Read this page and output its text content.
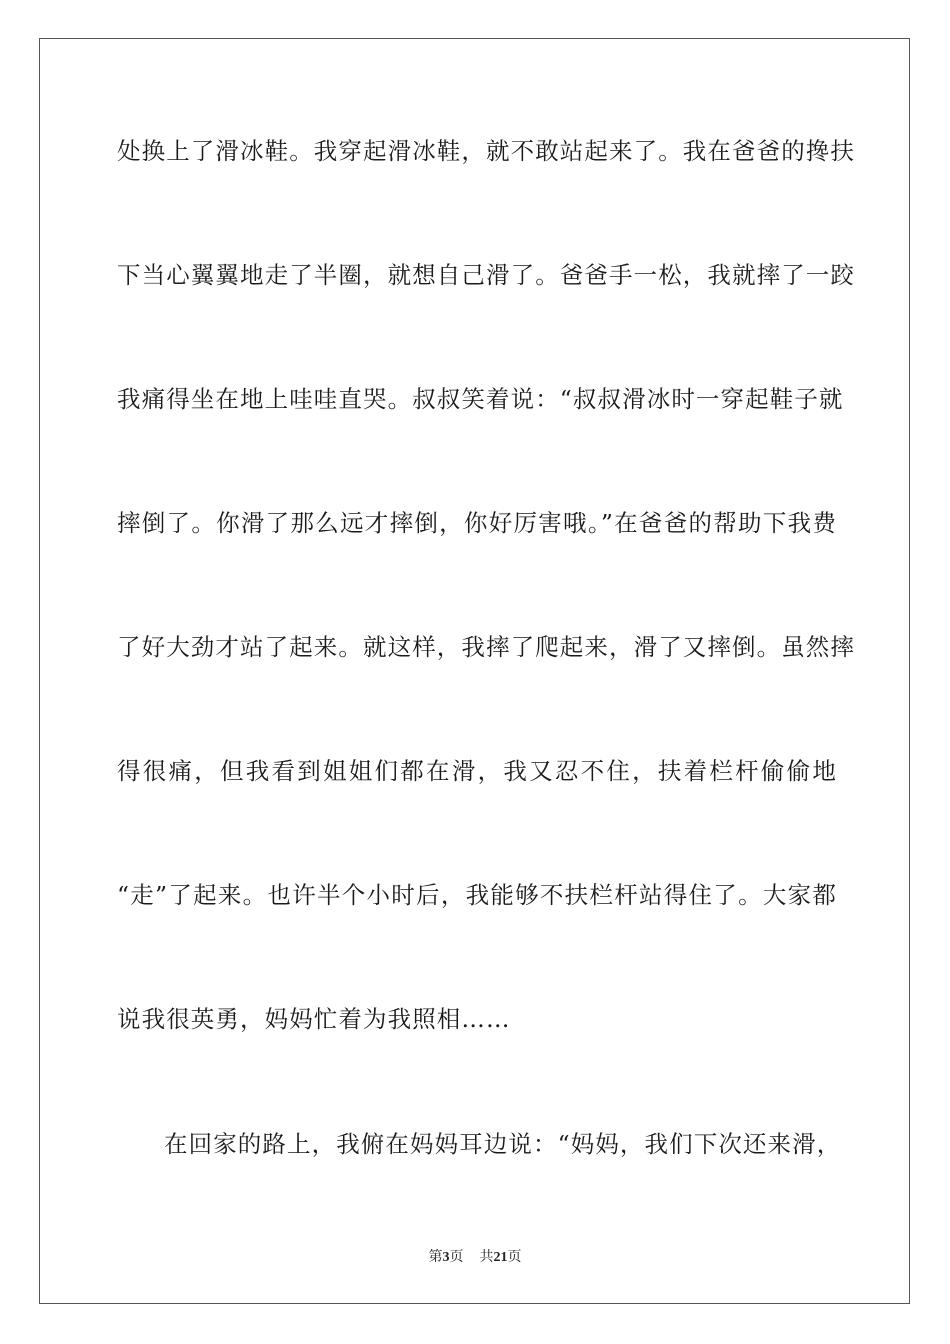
处换上了滑冰鞋。我穿起滑冰鞋，就不敢站起来了。我在爸爸的搀扶
下当心翼翼地走了半圈，就想自己滑了。爸爸手一松，我就摔了一跤
我痛得坐在地上哇哇直哭。叔叔笑着说：“叔叔滑冰时一穿起鞋子就
摔倒了。你滑了那么远才摔倒，你好厉害哦。”在爸爸的帮助下我费
了好大劲才站了起来。就这样，我摔了爬起来，滑了又摔倒。虽然摔
得很痛，但我看到姐姐们都在滑，我又忍不住，扶着栏杆偷偷地
“走”了起来。也许半个小时后，我能够不扶栏杆站得住了。大家都
说我很英勇，妈妈忙着为我照相……
在回家的路上，我俯在妈妈耳边说：“妈妈，我们下次还来滑，
第3页 共21页
